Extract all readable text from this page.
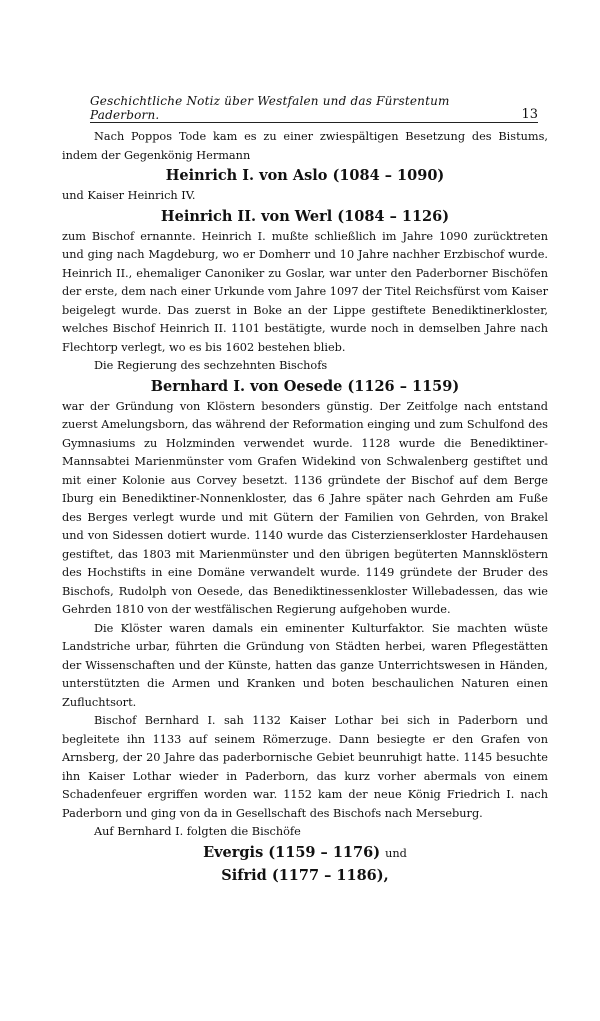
Geschichtliche Notiz über Westfalen und das Fürstentum Paderborn.	13

Nach Poppos Tode kam es zu einer zwiespältigen Besetzung des Bistums, indem der Gegenkönig Hermann

Heinrich I. von Aslo (1084 – 1090)

und Kaiser Heinrich IV.

Heinrich II. von Werl (1084 – 1126)

zum Bischof ernannte. Heinrich I. mußte schließlich im Jahre 1090 zurücktreten und ging nach Magdeburg, wo er Domherr und 10 Jahre nachher Erzbischof wurde. Heinrich II., ehemaliger Canoniker zu Goslar, war unter den Paderborner Bischöfen der erste, dem nach einer Urkunde vom Jahre 1097 der Titel Reichsfürst vom Kaiser beigelegt wurde. Das zuerst in Boke an der Lippe gestiftete Benediktinerkloster, welches Bischof Heinrich II. 1101 bestätigte, wurde noch in demselben Jahre nach Flechtorp verlegt, wo es bis 1602 bestehen blieb.

Die Regierung des sechzehnten Bischofs

Bernhard I. von Oesede (1126 – 1159)

war der Gründung von Klöstern besonders günstig. Der Zeitfolge nach entstand zuerst Amelungsborn, das während der Reformation einging und zum Schulfond des Gymnasiums zu Holzminden verwendet wurde. 1128 wurde die Benediktiner-Mannsabtei Marienmünster vom Grafen Widekind von Schwalenberg gestiftet und mit einer Kolonie aus Corvey besetzt. 1136 gründete der Bischof auf dem Berge Iburg ein Benediktiner-Nonnenkloster, das 6 Jahre später nach Gehrden am Fuße des Berges verlegt wurde und mit Gütern der Familien von Gehrden, von Brakel und von Sidessen dotiert wurde. 1140 wurde das Cisterzienserkloster Hardehausen gestiftet, das 1803 mit Marienmünster und den übrigen begüterten Mannsklöstern des Hochstifts in eine Domäne verwandelt wurde. 1149 gründete der Bruder des Bischofs, Rudolph von Oesede, das Benediktinessenkloster Willebadessen, das wie Gehrden 1810 von der westfälischen Regierung aufgehoben wurde.

Die Klöster waren damals ein eminenter Kulturfaktor. Sie machten wüste Landstriche urbar, führten die Gründung von Städten herbei, waren Pflegestätten der Wissenschaften und der Künste, hatten das ganze Unterrichtswesen in Händen, unterstützten die Armen und Kranken und boten beschaulichen Naturen einen Zufluchtsort.

Bischof Bernhard I. sah 1132 Kaiser Lothar bei sich in Paderborn und begleitete ihn 1133 auf seinem Römerzuge. Dann besiegte er den Grafen von Arnsberg, der 20 Jahre das paderbornische Gebiet beunruhigt hatte. 1145 besuchte ihn Kaiser Lothar wieder in Paderborn, das kurz vorher abermals von einem Schadenfeuer ergriffen worden war. 1152 kam der neue König Friedrich I. nach Paderborn und ging von da in Gesellschaft des Bischofs nach Merseburg.

Auf Bernhard I. folgten die Bischöfe

Evergis (1159 – 1176) und

Sifrid (1177 – 1186),
